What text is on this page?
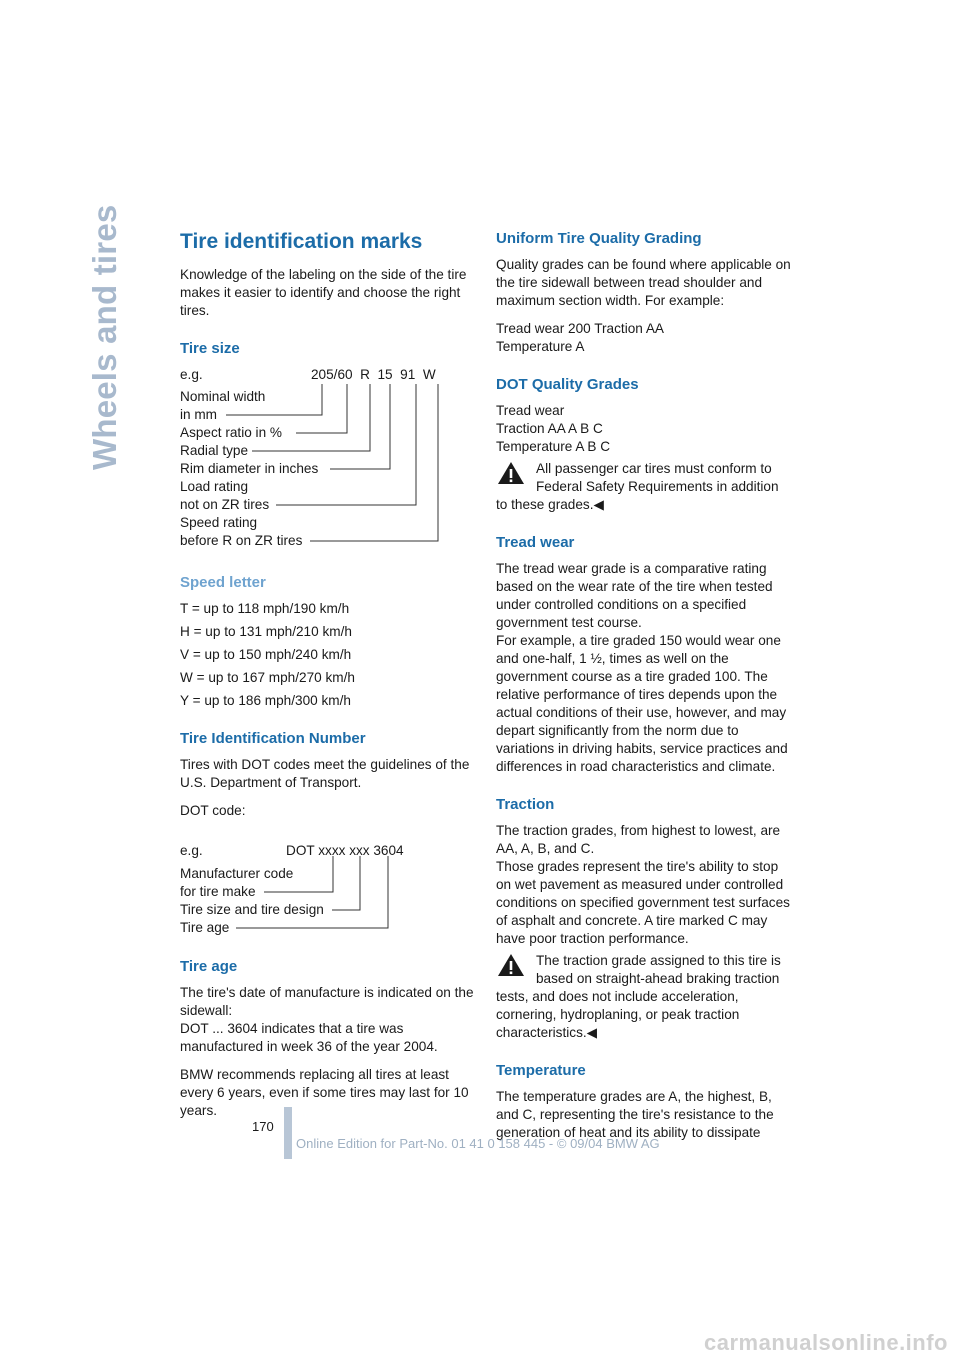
Wheels and tires	Tire identification marks

Knowledge of the labeling on the side of the tire makes it easier to identify and choose the right tires.

Tire size
e.g.	205/60  R  15  91  W
Nominal width
in mm
Aspect ratio in %
Radial type
Rim diameter in inches
Load rating
not on ZR tires
Speed rating
before R on ZR tires
Speed letter

T = up to 118 mph/190 km/h

H = up to 131 mph/210 km/h

V = up to 150 mph/240 km/h

W = up to 167 mph/270 km/h

Y = up to 186 mph/300 km/h

Tire Identification Number

Tires with DOT codes meet the guidelines of the U.S. Department of Transport.

DOT code:

e.g.	DOT xxxx xxx 3604
Manufacturer code
for tire make
Tire size and tire design
Tire age
Tire age

The tire's date of manufacture is indicated on the sidewall:

DOT ... 3604 indicates that a tire was manufactured in week 36 of the year 2004.

BMW recommends replacing all tires at least every 6 years, even if some tires may last for 10 years.

Uniform Tire Quality Grading

Quality grades can be found where applicable on the tire sidewall between tread shoulder and maximum section width. For example:

Tread wear 200 Traction AA

Temperature A

DOT Quality Grades

Tread wear

Traction AA A B C

Temperature A B C

All passenger car tires must conform to Federal Safety Requirements in addition
to these grades.◀
Tread wear

The tread wear grade is a comparative rating based on the wear rate of the tire when tested under controlled conditions on a specified government test course.

For example, a tire graded 150 would wear one and one-half, 1 ½, times as well on the government course as a tire graded 100. The relative performance of tires depends upon the actual conditions of their use, however, and may depart significantly from the norm due to variations in driving habits, service practices and differences in road characteristics and climate.

Traction

The traction grades, from highest to lowest, are AA, A, B, and C.

Those grades represent the tire's ability to stop on wet pavement as measured under controlled conditions on specified government test surfaces of asphalt and concrete. A tire marked C may have poor traction performance.

The traction grade assigned to this tire is based on straight-ahead braking traction
tests, and does not include acceleration, cornering, hydroplaning, or peak traction characteristics.◀
Temperature

The temperature grades are A, the highest, B, and C, representing the tire's resistance to the generation of heat and its ability to dissipate

170
Online Edition for Part-No. 01 41 0 158 445 - © 09/04 BMW AG
carmanualsonline.info
